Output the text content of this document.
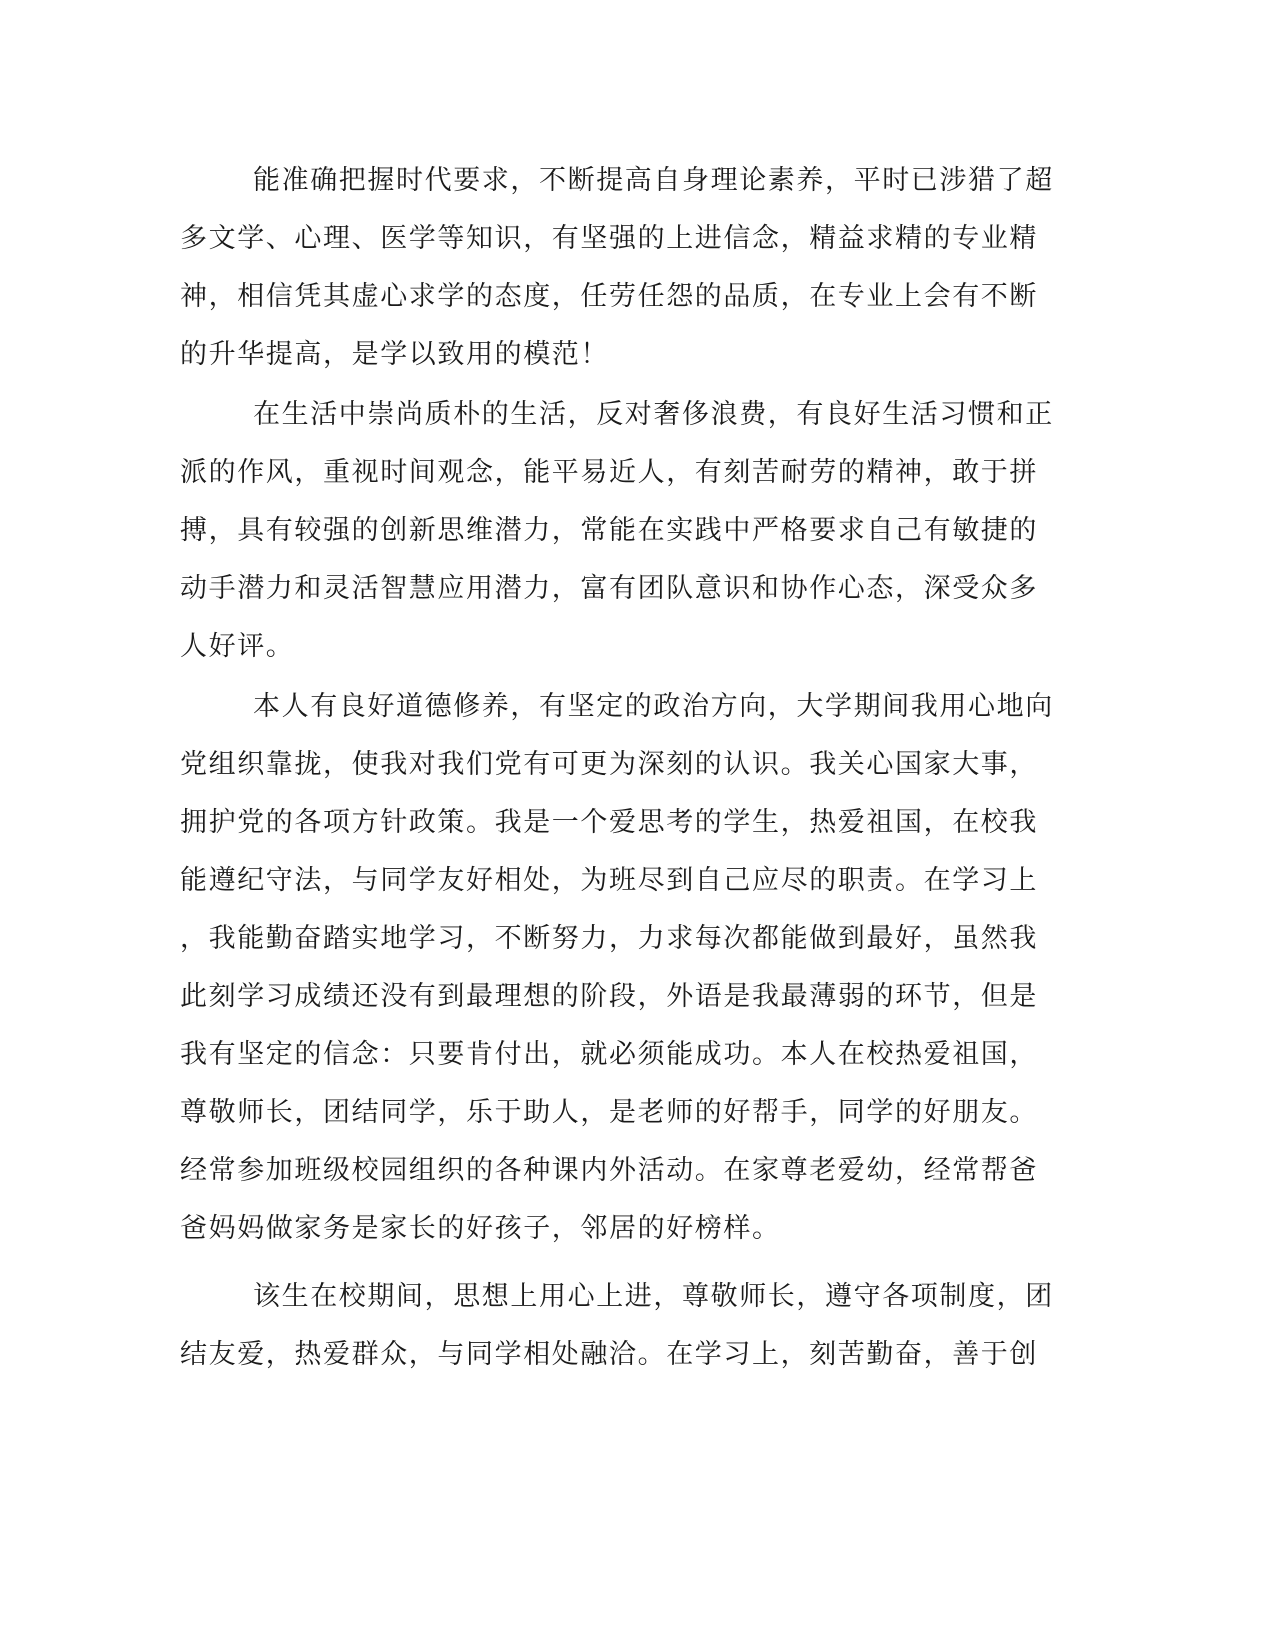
能准确把握时代要求，不断提高自身理论素养，平时已涉猎了超
多文学、心理、医学等知识，有坚强的上进信念，精益求精的专业精
神，相信凭其虚心求学的态度，任劳任怨的品质，在专业上会有不断
的升华提高，是学以致用的模范！
在生活中崇尚质朴的生活，反对奢侈浪费，有良好生活习惯和正
派的作风，重视时间观念，能平易近人，有刻苦耐劳的精神，敢于拼
搏，具有较强的创新思维潜力，常能在实践中严格要求自己有敏捷的
动手潜力和灵活智慧应用潜力，富有团队意识和协作心态，深受众多
人好评。
本人有良好道德修养，有坚定的政治方向，大学期间我用心地向
党组织靠拢，使我对我们党有可更为深刻的认识。我关心国家大事，
拥护党的各项方针政策。我是一个爱思考的学生，热爱祖国，在校我
能遵纪守法，与同学友好相处，为班尽到自己应尽的职责。在学习上
，我能勤奋踏实地学习，不断努力，力求每次都能做到最好，虽然我
此刻学习成绩还没有到最理想的阶段，外语是我最薄弱的环节，但是
我有坚定的信念：只要肯付出，就必须能成功。本人在校热爱祖国，
尊敬师长，团结同学，乐于助人，是老师的好帮手，同学的好朋友。
经常参加班级校园组织的各种课内外活动。在家尊老爱幼，经常帮爸
爸妈妈做家务是家长的好孩子，邻居的好榜样。
该生在校期间，思想上用心上进，尊敬师长，遵守各项制度，团
结友爱，热爱群众，与同学相处融洽。在学习上，刻苦勤奋，善于创
